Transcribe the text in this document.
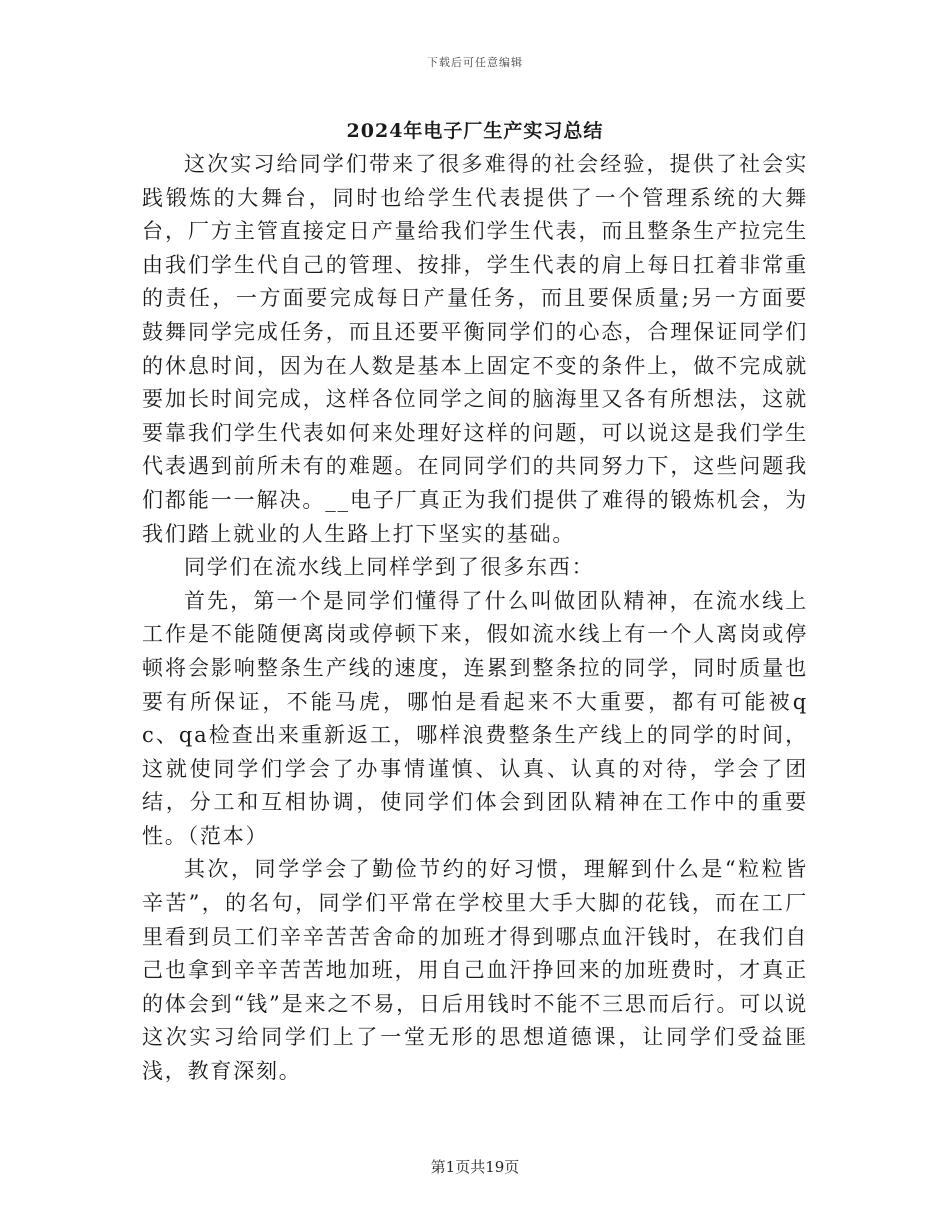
下载后可任意编辑
2024年电子厂生产实习总结

这次实习给同学们带来了很多难得的社会经验，提供了社会实践锻炼的大舞台，同时也给学生代表提供了一个管理系统的大舞台，厂方主管直接定日产量给我们学生代表，而且整条生产拉完生由我们学生代自己的管理、按排，学生代表的肩上每日扛着非常重的责任，一方面要完成每日产量任务，而且要保质量;另一方面要鼓舞同学完成任务，而且还要平衡同学们的心态，合理保证同学们的休息时间，因为在人数是基本上固定不变的条件上，做不完成就要加长时间完成，这样各位同学之间的脑海里又各有所想法，这就要靠我们学生代表如何来处理好这样的问题，可以说这是我们学生代表遇到前所未有的难题。在同同学们的共同努力下，这些问题我们都能一一解决。__电子厂真正为我们提供了难得的锻炼机会，为我们踏上就业的人生路上打下坚实的基础。

同学们在流水线上同样学到了很多东西：

首先，第一个是同学们懂得了什么叫做团队精神，在流水线上工作是不能随便离岗或停顿下来，假如流水线上有一个人离岗或停顿将会影响整条生产线的速度，连累到整条拉的同学，同时质量也要有所保证，不能马虎，哪怕是看起来不大重要，都有可能被qc、qa检查出来重新返工，哪样浪费整条生产线上的同学的时间，这就使同学们学会了办事情谨慎、认真、认真的对待，学会了团结，分工和互相协调，使同学们体会到团队精神在工作中的重要性。（范本）

其次，同学学会了勤俭节约的好习惯，理解到什么是“粒粒皆辛苦”，的名句，同学们平常在学校里大手大脚的花钱，而在工厂里看到员工们辛辛苦苦舍命的加班才得到哪点血汗钱时，在我们自己也拿到辛辛苦苦地加班，用自己血汗挣回来的加班费时，才真正的体会到“钱”是来之不易，日后用钱时不能不三思而后行。可以说这次实习给同学们上了一堂无形的思想道德课，让同学们受益匪浅，教育深刻。

第1页共19页
